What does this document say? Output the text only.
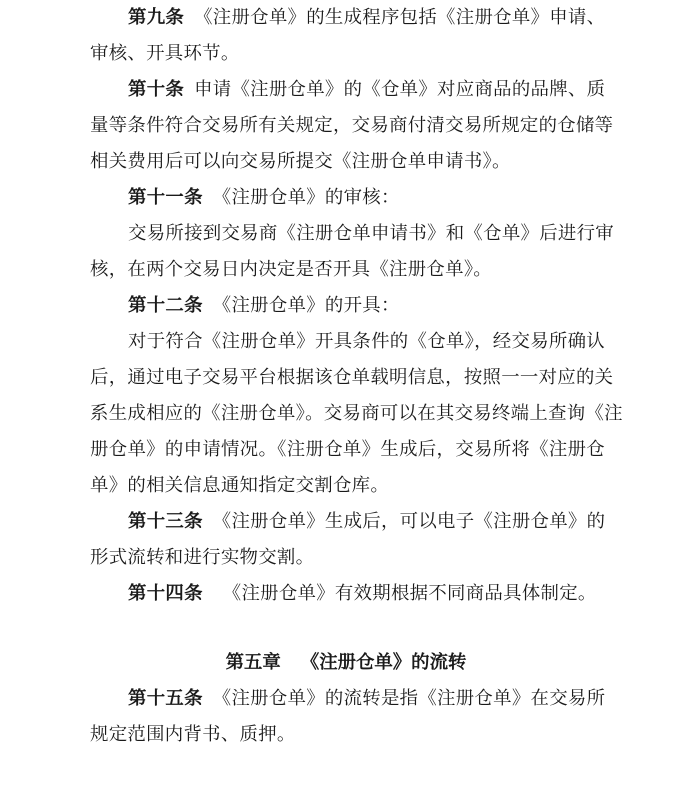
第九条 《注册仓单》的生成程序包括《注册仓单》申请、
审核、开具环节。
第十条 申请《注册仓单》的《仓单》对应商品的品牌、质
量等条件符合交易所有关规定，交易商付清交易所规定的仓储等
相关费用后可以向交易所提交《注册仓单申请书》。
第十一条 《注册仓单》的审核：
交易所接到交易商《注册仓单申请书》和《仓单》后进行审
核，在两个交易日内决定是否开具《注册仓单》。
第十二条 《注册仓单》的开具：
对于符合《注册仓单》开具条件的《仓单》，经交易所确认
后，通过电子交易平台根据该仓单载明信息，按照一一对应的关
系生成相应的《注册仓单》。交易商可以在其交易终端上查询《注
册仓单》的申请情况。《注册仓单》生成后，交易所将《注册仓
单》的相关信息通知指定交割仓库。
第十三条 《注册仓单》生成后，可以电子《注册仓单》的
形式流转和进行实物交割。
第十四条 《注册仓单》有效期根据不同商品具体制定。
第五章 《注册仓单》的流转
第十五条 《注册仓单》的流转是指《注册仓单》在交易所
规定范围内背书、质押。
